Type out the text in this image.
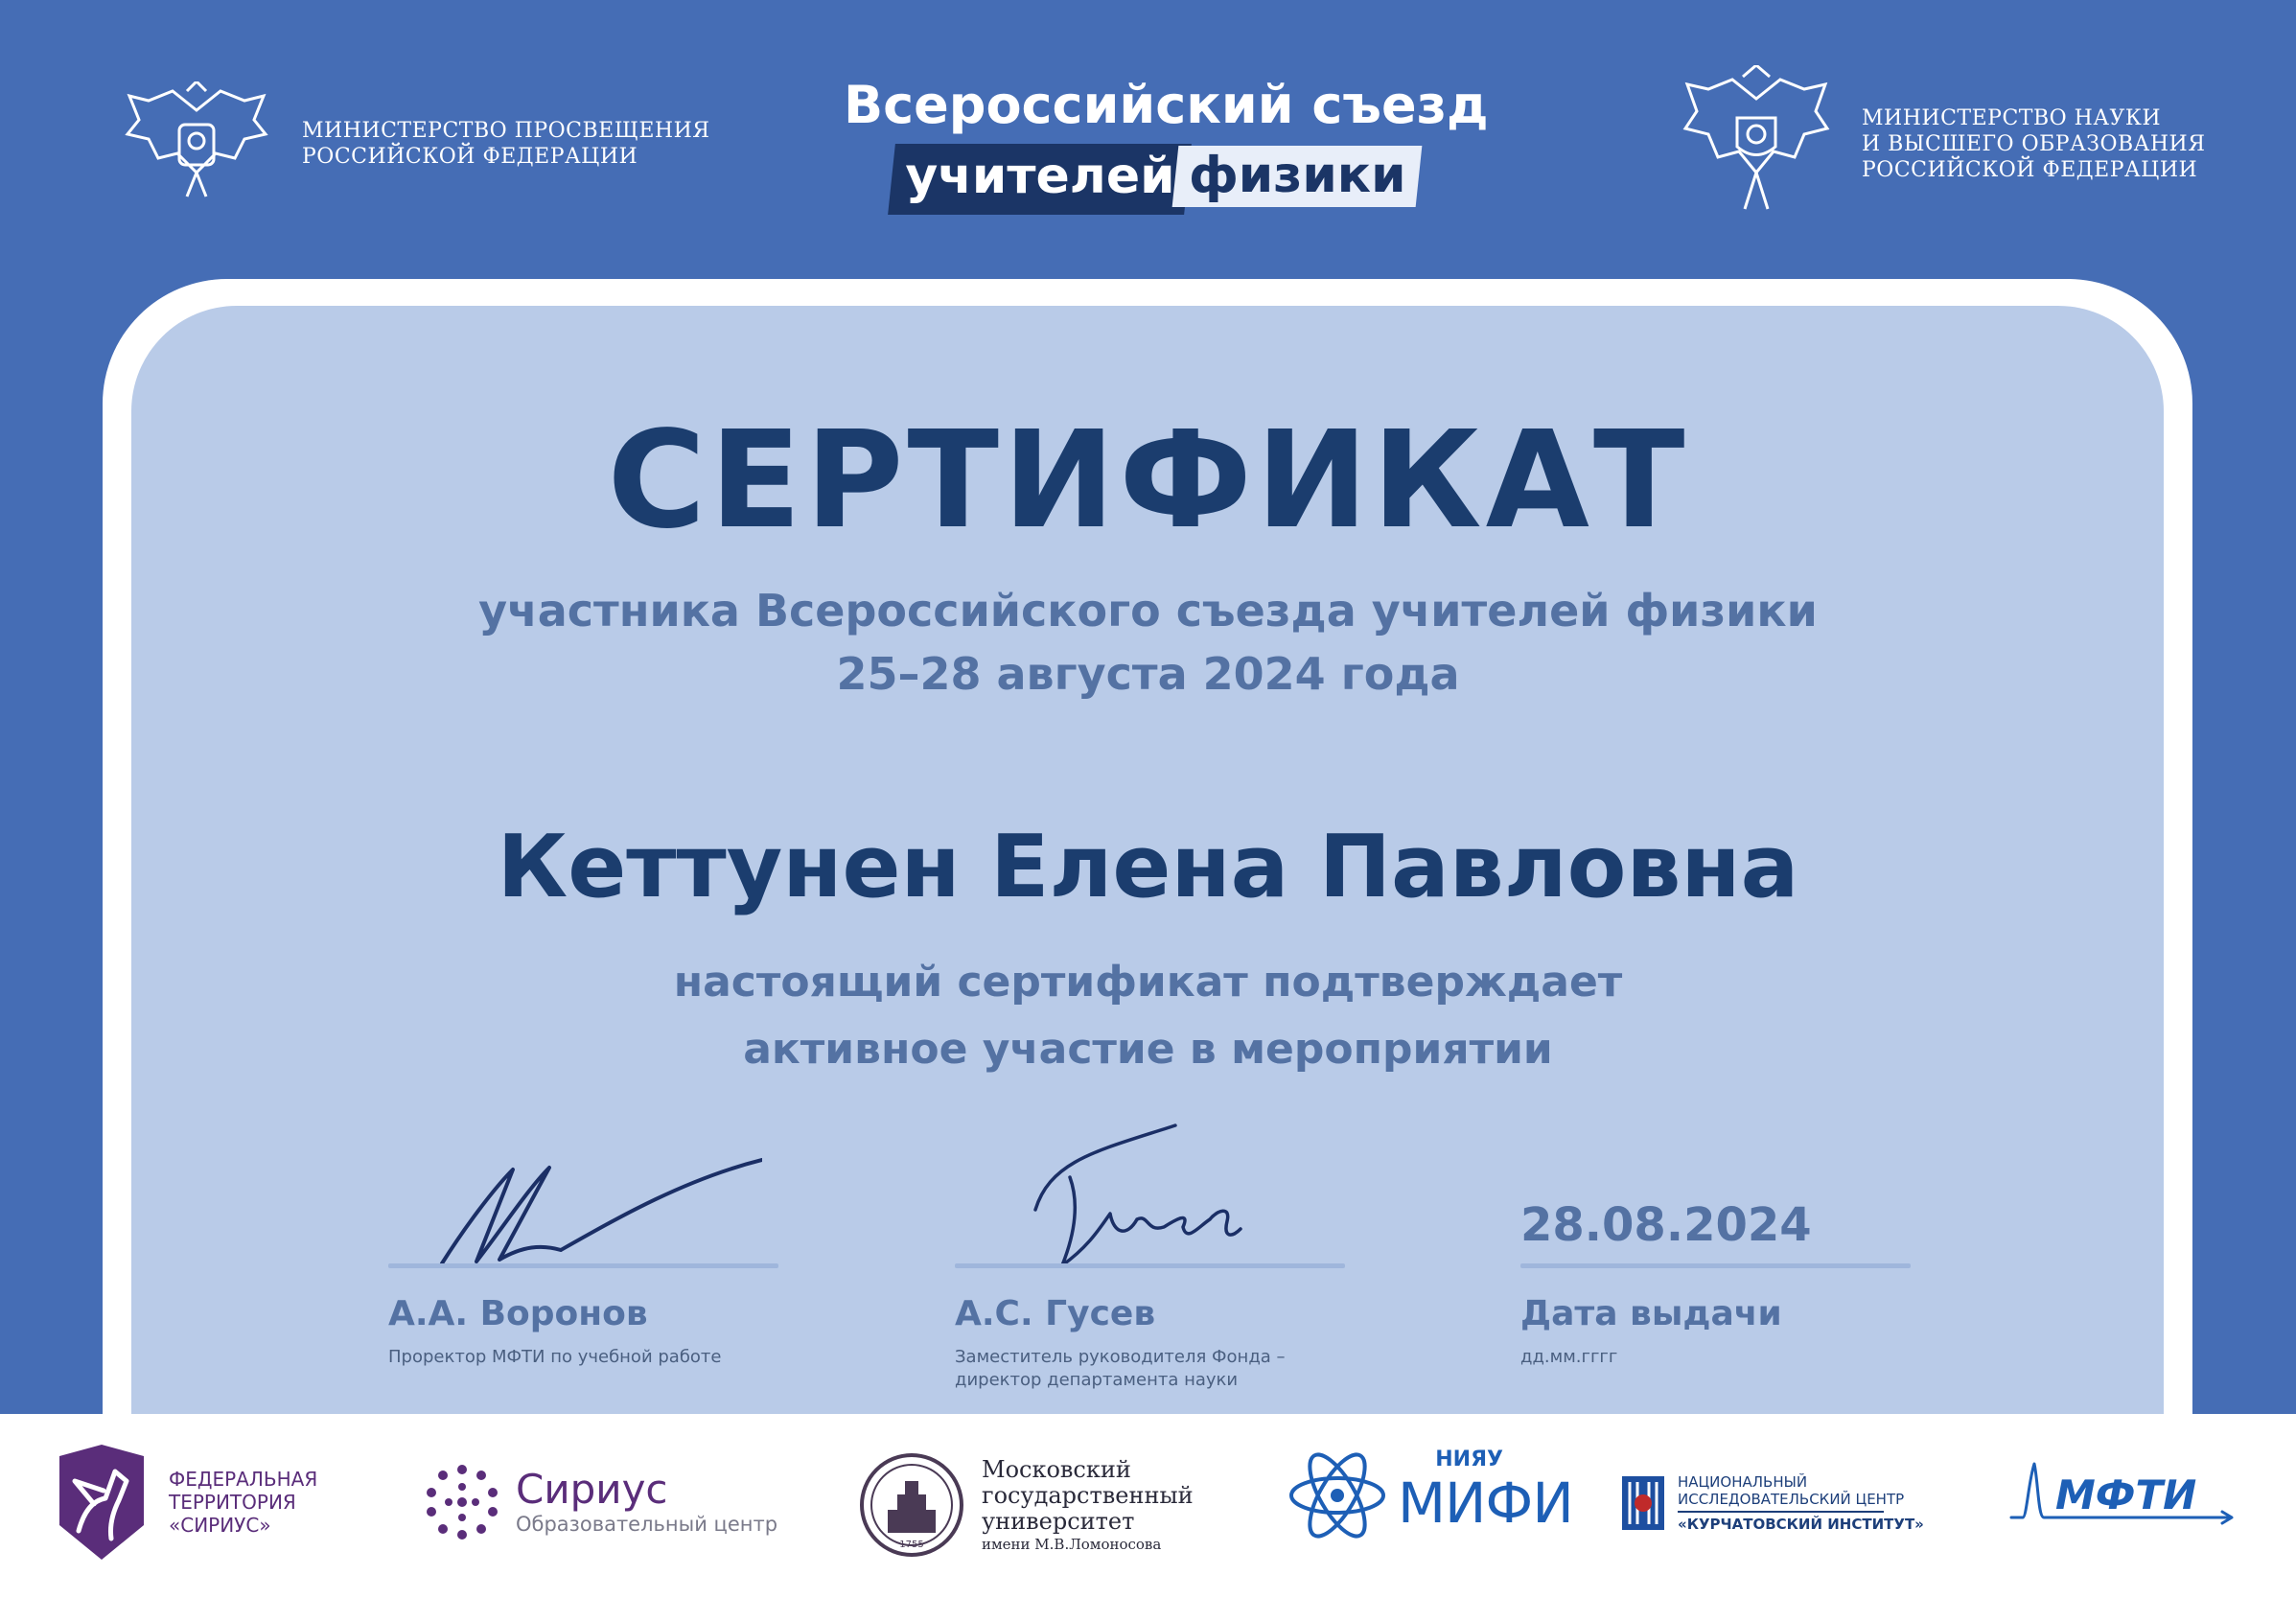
МИНИСТЕРСТВО ПРОСВЕЩЕНИЯ
РОССИЙСКОЙ ФЕДЕРАЦИИ
Всероссийский съезд
учителей физики
МИНИСТЕРСТВО НАУКИ
И ВЫСШЕГО ОБРАЗОВАНИЯ
РОССИЙСКОЙ ФЕДЕРАЦИИ
СЕРТИФИКАТ
участника Всероссийского съезда учителей физики
25–28 августа 2024 года
Кеттунен Елена Павловна
настоящий сертификат подтверждает
активное участие в мероприятии
А.А. Воронов
Проректор МФТИ по учебной работе
А.С. Гусев
Заместитель руководителя Фонда –
директор департамента науки
28.08.2024
Дата выдачи
дд.мм.гггг
ФЕДЕРАЛЬНАЯ
ТЕРРИТОРИЯ
«СИРИУС»
Сириус
Образовательный центр
1755
Московский
государственный
университет
имени М.В.Ломоносова
НИЯУ
МИФИ	НАЦИОНАЛЬНЫЙ
ИССЛЕДОВАТЕЛЬСКИЙ ЦЕНТР
«КУРЧАТОВСКИЙ ИНСТИТУТ»
МФТИ
